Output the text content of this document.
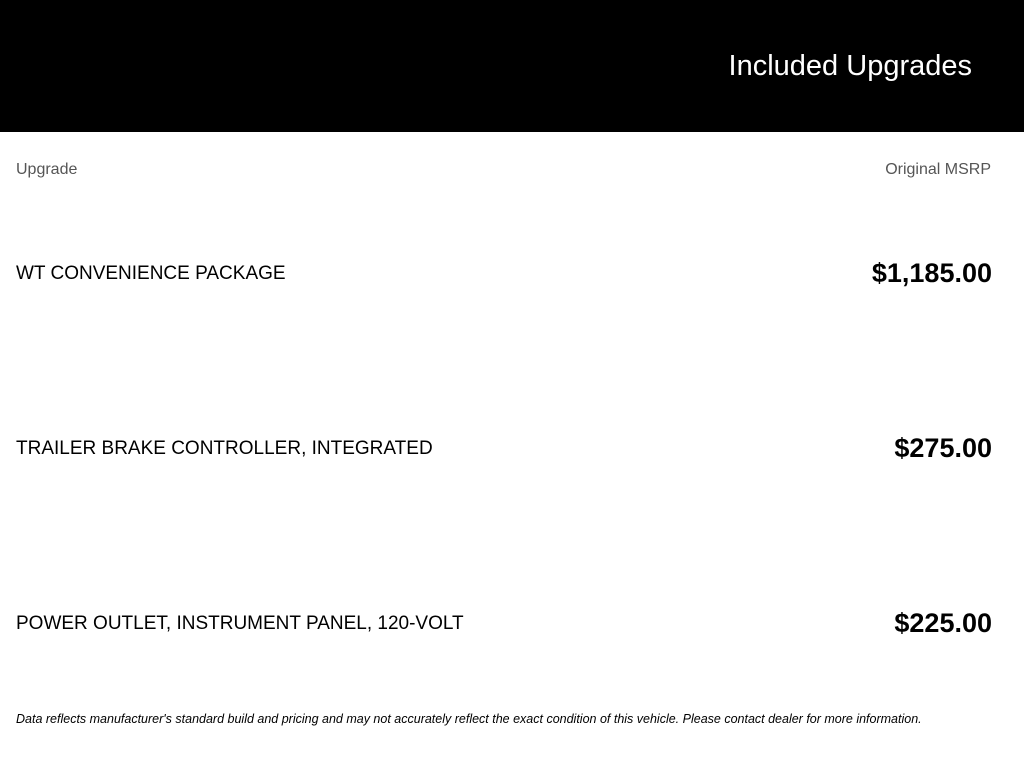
Included Upgrades
Upgrade	Original MSRP
WT CONVENIENCE PACKAGE	$1,185.00
TRAILER BRAKE CONTROLLER, INTEGRATED	$275.00
POWER OUTLET, INSTRUMENT PANEL, 120-VOLT	$225.00
Data reflects manufacturer's standard build and pricing and may not accurately reflect the exact condition of this vehicle. Please contact dealer for more information.
